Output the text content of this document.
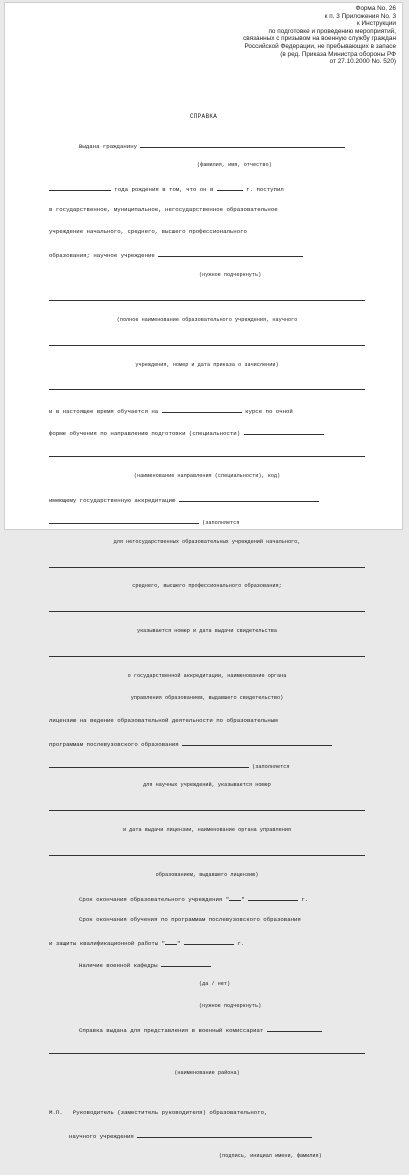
Форма No. 26
к п. 3 Приложения No. 3
к Инструкции
по подготовке и проведению мероприятий,
связанных с призывом на военную службу граждан
Российской Федерации, не пребывающих в запасе
(в ред. Приказа Министра обороны РФ
от 27.10.2000 No. 520)
СПРАВКА

Выдана гражданину

(фамилия, имя, отчество)

года рождения в том, что он в	г. поступил

в государственное, муниципальное, негосударственное образовательное

учреждение начального, среднего, высшего профессионального

образования; научное учреждение

(нужное подчеркнуть)

(полное наименование образовательного учреждения, научного

учреждения, номер и дата приказа о зачислении)

и в настоящее время обучается на	курсе по очной

форме обучения по направлению подготовки (специальности)

(наименование направления (специальности), код)

имеющему государственную аккредитацию

(заполняется

для негосударственных образовательных учреждений начального,

среднего, высшего профессионального образования;

указывается номер и дата выдачи свидетельства

о государственной аккредитации, наименование органа

управления образованием, выдавшего свидетельство)

лицензию на ведение образовательной деятельности по образовательным

программам послевузовского образования

(заполняется

для научных учреждений, указывается номер

и дата выдачи лицензии, наименование органа управления

образованием, выдавшего лицензию)

Срок окончания образовательного учреждения " "	г.

Срок окончания обучения по программам послевузовского образования

и защиты квалификационной работы " "	г.

Наличие военной кафедры

(да / нет)

(нужное подчеркнуть)

Справка выдана для представления в военный комиссариат

(наименование района)

М.П.   Руководитель (заместитель руководителя) образовательного,

научного учреждения

(подпись, инициал имени, фамилия)
